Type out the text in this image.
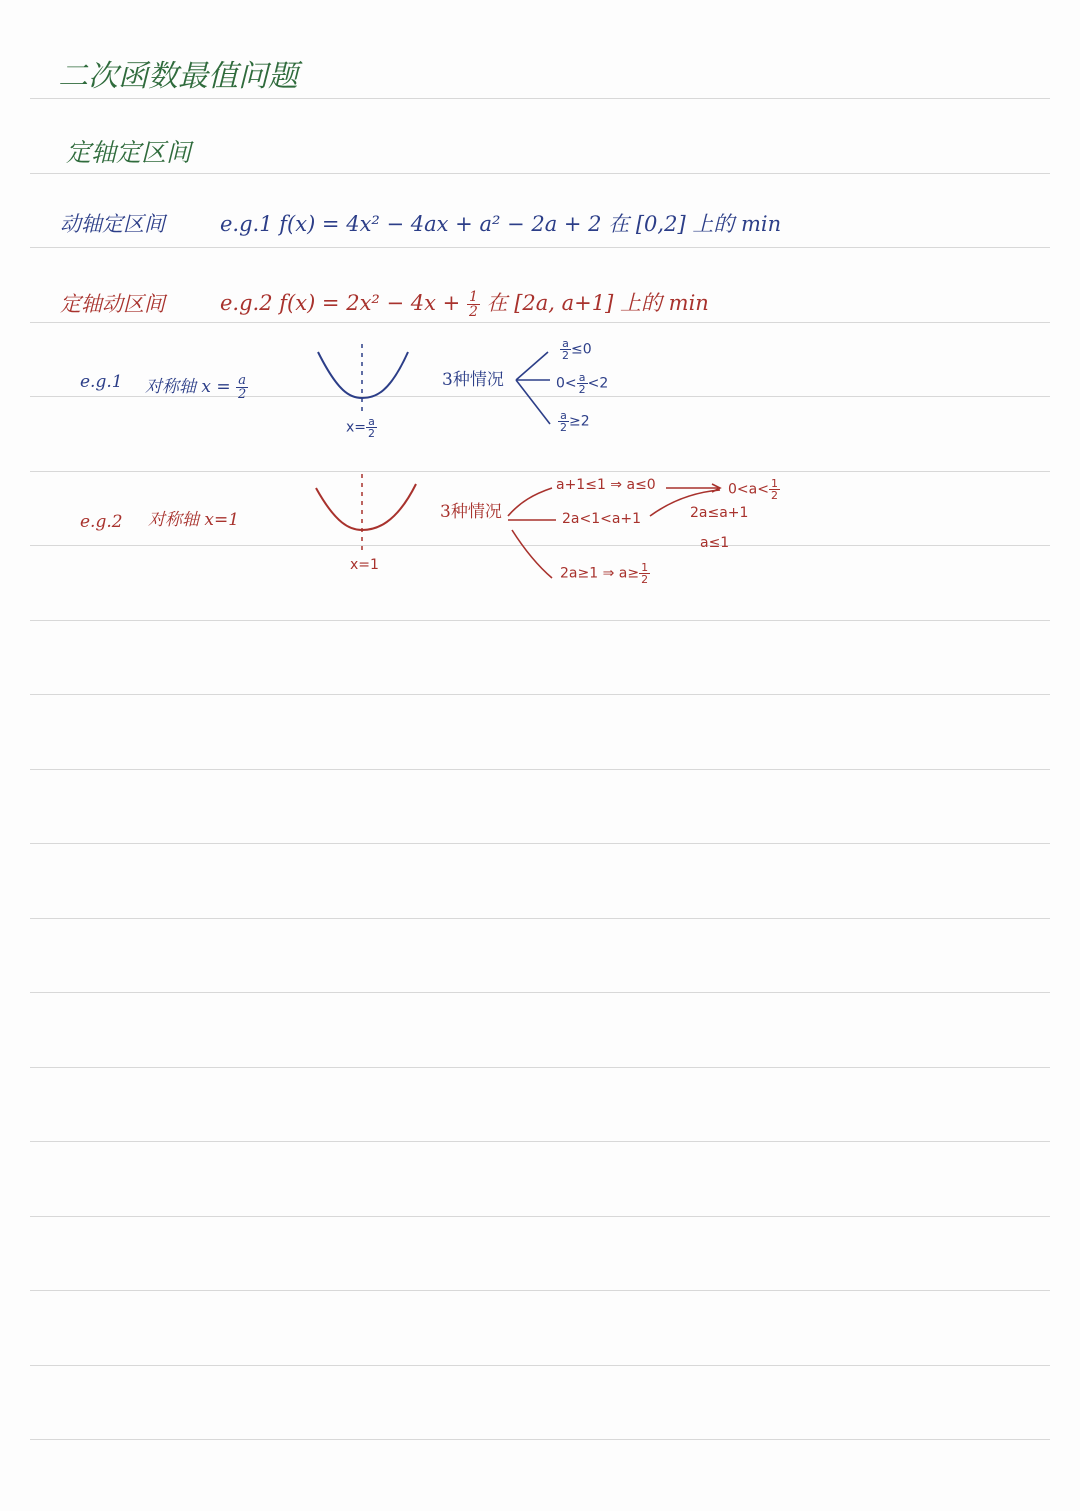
二次函数最值问题
定轴定区间
动轴定区间	e.g.1 f(x) = 4x² − 4ax + a² − 2a + 2 在 [0,2] 上的 min
定轴动区间	e.g.2 $f(x) = 2x^2 - 4x + \frac{1}{2}$ 在 [2a, a+1] 上的 min
e.g.1 对称轴 $x = \frac{a}{2}$
$x= \frac{a}{2}$
3种情况
$\frac{a}{2} \le 0$
$0< \frac{a}{2} <2$
$\frac{a}{2} \ge 2$
e.g.2 对称轴 x=1
x=1
3种情况
a+1≤1 ⇒ a≤0
2a<1<a+1
2a≥1 ⇒ $a\ge \frac{1}{2}$
$0<a< \frac{1}{2}$
2a≤a+1
a≤1
